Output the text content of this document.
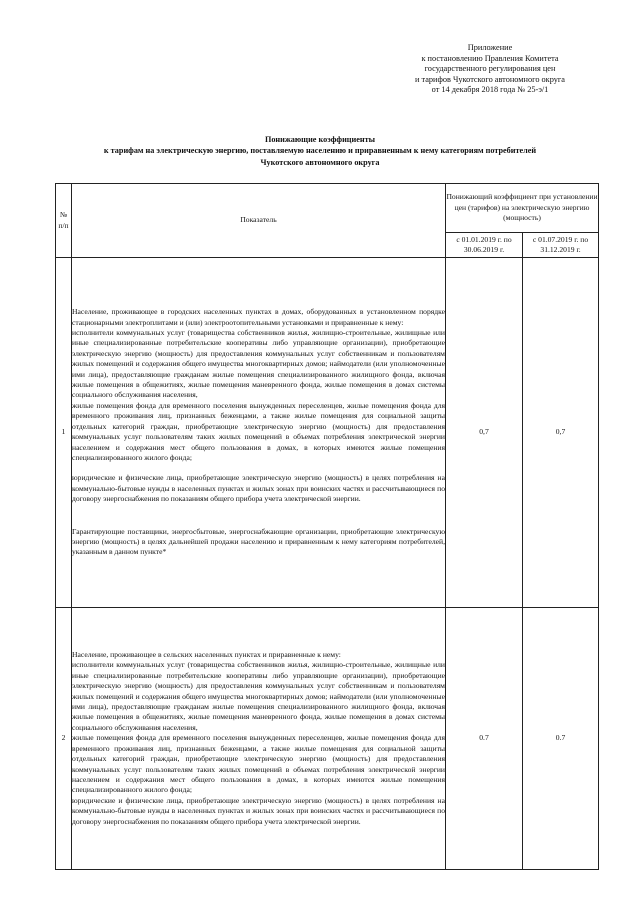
Приложение
к постановлению Правления Комитета
государственного регулирования цен
и тарифов Чукотского автономного округа
от 14 декабря 2018 года № 25-э/1
Понижающие коэффициенты
к тарифам на электрическую энергию, поставляемую населению и приравненным к нему категориям потребителей
Чукотского автономного округа
№
п/п	Показатель	Понижающий коэффициент при установлении цен (тарифов) на электрическую энергию (мощность)	
		с 01.01.2019 г. по 30.06.2019 г.	с 01.07.2019 г. по 31.12.2019 г.
1	Население, проживающее в городских населенных пунктах в домах, оборудованных в установленном порядке стационарными электроплитами и (или) электроотопительными установками и приравненные к нему:

исполнители коммунальных услуг (товарищества собственников жилья, жилищно-строительные, жилищные или иные специализированные потребительские кооперативы либо управляющие организации), приобретающие электрическую энергию (мощность) для предоставления коммунальных услуг собственникам и пользователям жилых помещений и содержания общего имущества многоквартирных домов; наймодатели (или уполномоченные ими лица), предоставляющие гражданам жилые помещения специализированного жилищного фонда, включая жилые помещения в общежитиях, жилые помещения маневренного фонда, жилые помещения в домах системы социального обслуживания населения,

жилые помещения фонда для временного поселения вынужденных переселенцев, жилые помещения фонда для временного проживания лиц, признанных беженцами, а также жилые помещения для социальной защиты отдельных категорий граждан, приобретающие электрическую энергию (мощность) для предоставления коммунальных услуг пользователям таких жилых помещений в объемах потребления электрической энергии населением и содержания мест общего пользования в домах, в которых имеются жилые помещения специализированного жилого фонда;

юридические и физические лица, приобретающие электрическую энергию (мощность) в целях потребления на коммунально-бытовые нужды в населенных пунктах и жилых зонах при воинских частях и рассчитывающиеся по договору энергоснабжения по показаниям общего прибора учета электрической энергии.

Гарантирующие поставщики, энергосбытовые, энергоснабжающие организации, приобретающие электрическую энергию (мощность) в целях дальнейшей продажи населению и приравненным к нему категориям потребителей, указанным в данном пункте*	0,7	0,7
2	Население, проживающее в сельских населенных пунктах и приравненные к нему:

исполнители коммунальных услуг (товарищества собственников жилья, жилищно-строительные, жилищные или иные специализированные потребительские кооперативы либо управляющие организации), приобретающие электрическую энергию (мощность) для предоставления коммунальных услуг собственникам и пользователям жилых помещений и содержания общего имущества многоквартирных домов; наймодатели (или уполномоченные ими лица), предоставляющие гражданам жилые помещения специализированного жилищного фонда, включая жилые помещения в общежитиях, жилые помещения маневренного фонда, жилые помещения в домах системы социального обслуживания населения,

жилые помещения фонда для временного поселения вынужденных переселенцев, жилые помещения фонда для временного проживания лиц, признанных беженцами, а также жилые помещения для социальной защиты отдельных категорий граждан, приобретающие электрическую энергию (мощность) для предоставления коммунальных услуг пользователям таких жилых помещений в объемах потребления электрической энергии населением и содержания мест общего пользования в домах, в которых имеются жилые помещения специализированного жилого фонда;

юридические и физические лица, приобретающие электрическую энергию (мощность) в целях потребления на коммунально-бытовые нужды в населенных пунктах и жилых зонах при воинских частях и рассчитывающиеся по договору энергоснабжения по показаниям общего прибора учета электрической энергии.	0.7	0.7
